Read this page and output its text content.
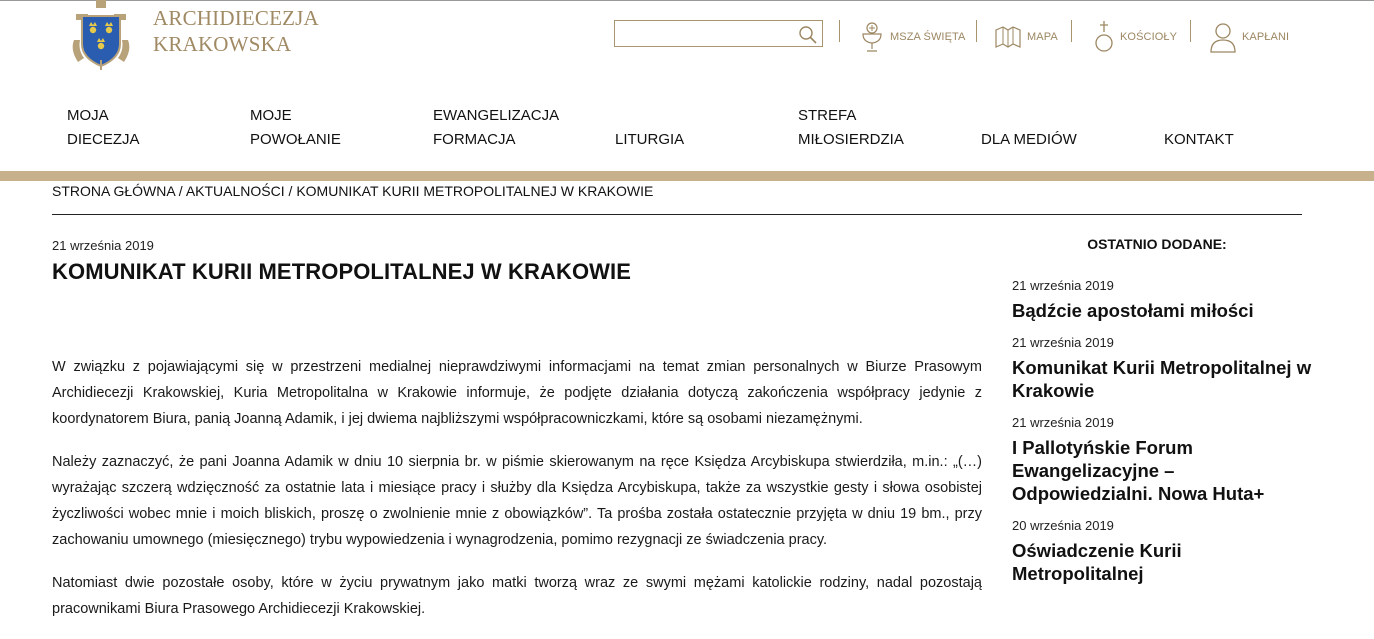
ARCHIDIECEZJA
KRAKOWSKA	MSZA ŚWIĘTA	MAPA	KOŚCIOŁY	KAPŁANI
MOJA
DIECEZJA
MOJE
POWOŁANIE
EWANGELIZACJA
FORMACJA	LITURGIA
STREFA
MIŁOSIERDZIA	DLA MEDIÓW	KONTAKT
STRONA GŁÓWNA / AKTUALNOŚCI / KOMUNIKAT KURII METROPOLITALNEJ W KRAKOWIE
21 września 2019
KOMUNIKAT KURII METROPOLITALNEJ W KRAKOWIE

W związku z pojawiającymi się w przestrzeni medialnej nieprawdziwymi informacjami na temat zmian personalnych w Biurze Prasowym Archidiecezji Krakowskiej, Kuria Metropolitalna w Krakowie informuje, że podjęte działania dotyczą zakończenia współpracy jedynie z koordynatorem Biura, panią Joanną Adamik, i jej dwiema najbliższymi współpracowniczkami, które są osobami niezamężnymi.

Należy zaznaczyć, że pani Joanna Adamik w dniu 10 sierpnia br. w piśmie skierowanym na ręce Księdza Arcybiskupa stwierdziła, m.in.: „(…) wyrażając szczerą wdzięczność za ostatnie lata i miesiące pracy i służby dla Księdza Arcybiskupa, także za wszystkie gesty i słowa osobistej życzliwości wobec mnie i moich bliskich, proszę o zwolnienie mnie z obowiązków”. Ta prośba została ostatecznie przyjęta w dniu 19 bm., przy zachowaniu umownego (miesięcznego) trybu wypowiedzenia i wynagrodzenia, pomimo rezygnacji ze świadczenia pracy.

Natomiast dwie pozostałe osoby, które w życiu prywatnym jako matki tworzą wraz ze swymi mężami katolickie rodziny, nadal pozostają pracownikami Biura Prasowego Archidiecezji Krakowskiej.

OSTATNIO DODANE:
21 września 2019
Bądźcie apostołami miłości
21 września 2019
Komunikat Kurii Metropolitalnej w Krakowie
21 września 2019
I Pallotyńskie Forum Ewangelizacyjne – Odpowiedzialni. Nowa Huta+
20 września 2019
Oświadczenie Kurii Metropolitalnej
